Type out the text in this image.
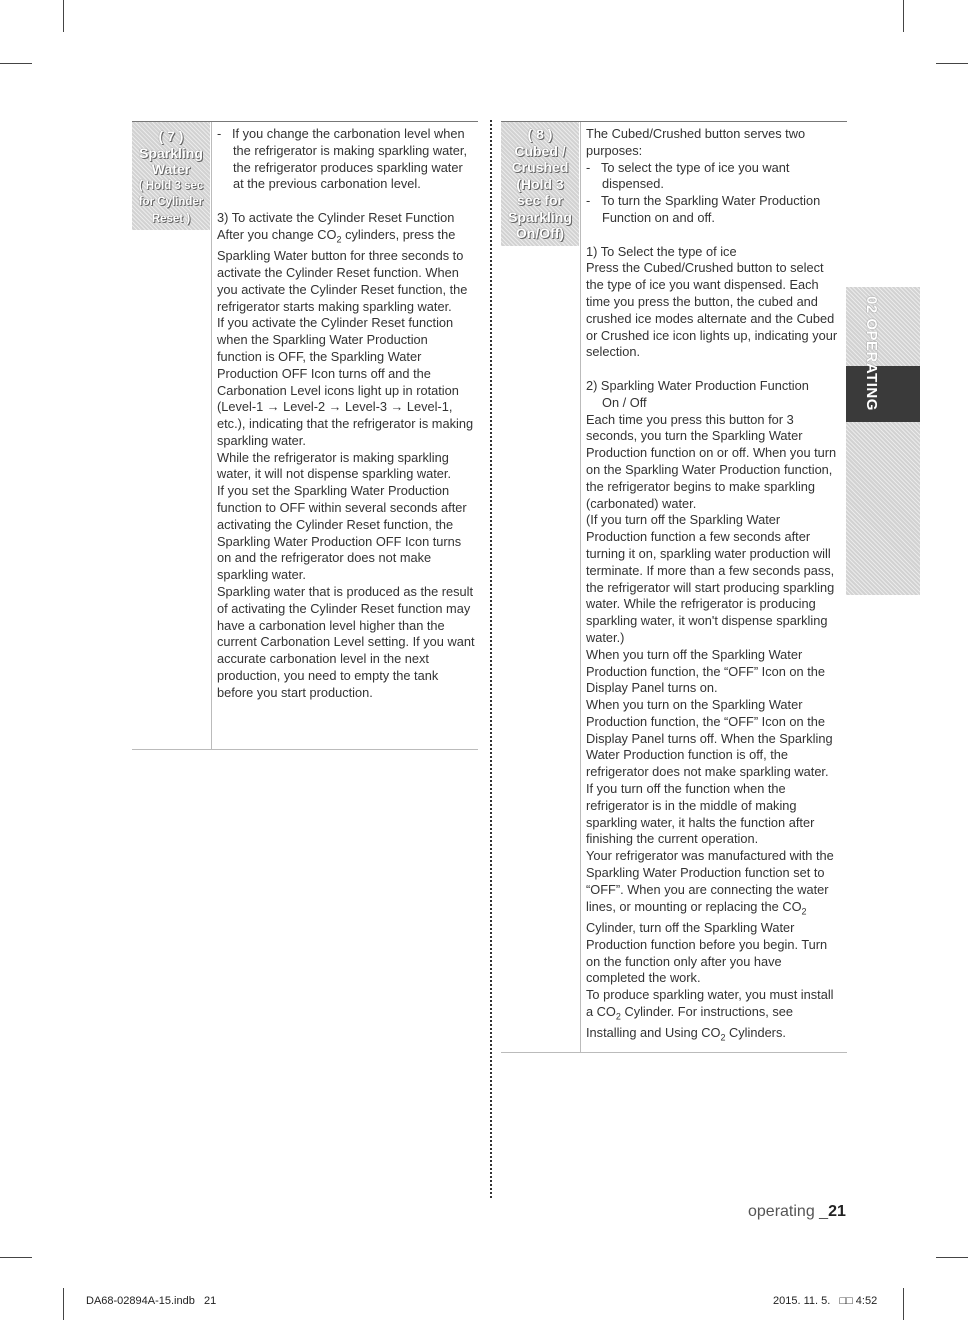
( 7 )
Sparkling
Water
( Hold 3 sec
for Cylinder
Reset )

-   If you change the carbonation level when the refrigerator is making sparkling water, the refrigerator produces sparkling water at the previous carbonation level.

3) To activate the Cylinder Reset Function

After you change $CO_2$ cylinders, press the Sparkling Water button for three seconds to activate the Cylinder Reset function. When you activate the Cylinder Reset function, the refrigerator starts making sparkling water.

If you activate the Cylinder Reset function when the Sparkling Water Production function is OFF, the Sparkling Water Production OFF Icon turns off and the Carbonation Level icons light up in rotation (Level-1 → Level-2 → Level-3 → Level-1, etc.), indicating that the refrigerator is making sparkling water.

While the refrigerator is making sparkling water, it will not dispense sparkling water.

If you set the Sparkling Water Production function to OFF within several seconds after activating the Cylinder Reset function, the Sparkling Water Production OFF Icon turns on and the refrigerator does not make sparkling water.

Sparkling water that is produced as the result of activating the Cylinder Reset function may have a carbonation level higher than the current Carbonation Level setting. If you want accurate carbonation level in the next production, you need to empty the tank before you start production.

( 8 )
Cubed /
Crushed
(Hold 3
sec for
Sparkling
On/Off)

The Cubed/Crushed button serves two purposes:

-   To select the type of ice you want dispensed.

-   To turn the Sparkling Water Production Function on and off.

1) To Select the type of ice

Press the Cubed/Crushed button to select the type of ice you want dispensed. Each time you press the button, the cubed and crushed ice modes alternate and the Cubed or Crushed ice icon lights up, indicating your selection.

2) Sparkling Water Production Function

On / Off

Each time you press this button for 3 seconds, you turn the Sparkling Water Production function on or off. When you turn on the Sparkling Water Production function, the refrigerator begins to make sparkling (carbonated) water.

(If you turn off the Sparkling Water Production function a few seconds after turning it on, sparkling water production will terminate. If more than a few seconds pass, the refrigerator will start producing sparkling water. While the refrigerator is producing sparkling water, it won't dispense sparkling water.)

When you turn off the Sparkling Water Production function, the “OFF” Icon on the Display Panel turns on.

When you turn on the Sparkling Water Production function, the “OFF” Icon on the Display Panel turns off. When the Sparkling Water Production function is off, the refrigerator does not make sparkling water.

If you turn off the function when the refrigerator is in the middle of making sparkling water, it halts the function after finishing the current operation.

Your refrigerator was manufactured with the Sparkling Water Production function set to “OFF”. When you are connecting the water lines, or mounting or replacing the $CO_2$ Cylinder, turn off the Sparkling Water Production function before you begin. Turn on the function only after you have completed the work.

To produce sparkling water, you must install a $CO_2$ Cylinder. For instructions, see Installing and Using $CO_2$ Cylinders.

02 OPERATING
operating _21
DA68-02894A-15.indb   21	2015. 11. 5.   □□ 4:52
